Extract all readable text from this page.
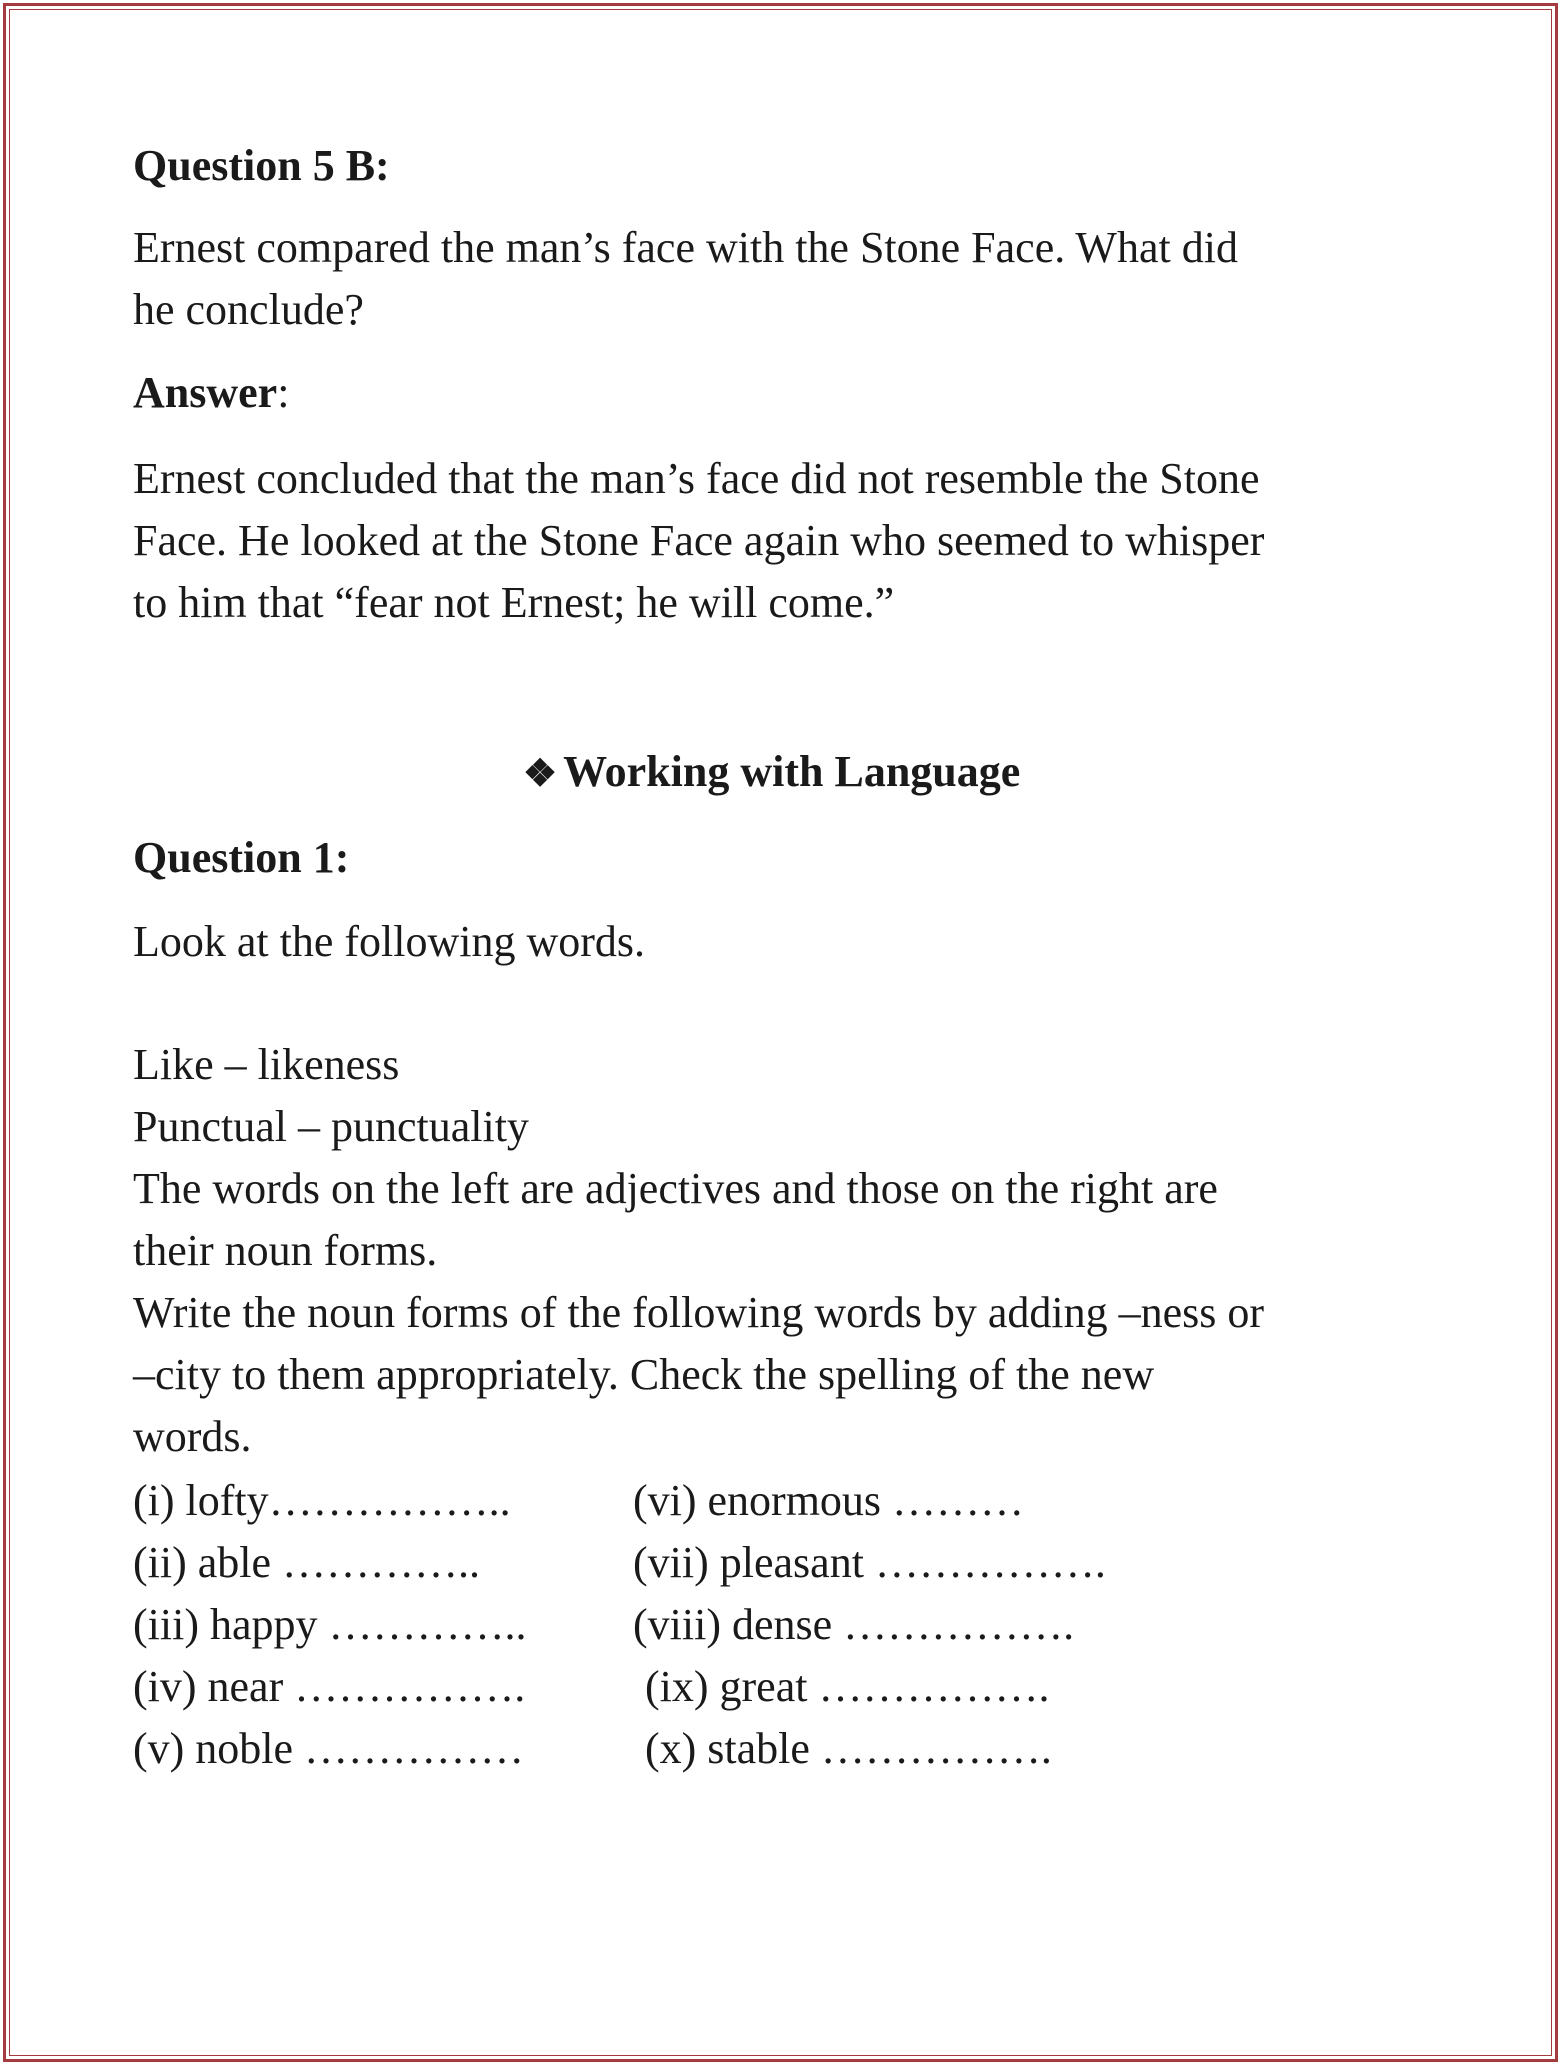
Question 5 B:
Ernest compared the man’s face with the Stone Face. What did
he conclude?
Answer:
Ernest concluded that the man’s face did not resemble the Stone
Face. He looked at the Stone Face again who seemed to whisper
to him that “fear not Ernest; he will come.”
❖ Working with Language
Question 1:
Look at the following words.
Like – likeness
Punctual – punctuality
The words on the left are adjectives and those on the right are
their noun forms.
Write the noun forms of the following words by adding –ness or
–city to them appropriately. Check the spelling of the new
words.
(i) lofty……………..	(vi) enormous ………
(ii) able …………..	(vii) pleasant …………….
(iii) happy ………….. (viii) dense …………….
(iv) near …………….	(ix) great …………….
(v) noble ……………	(x) stable …………….
